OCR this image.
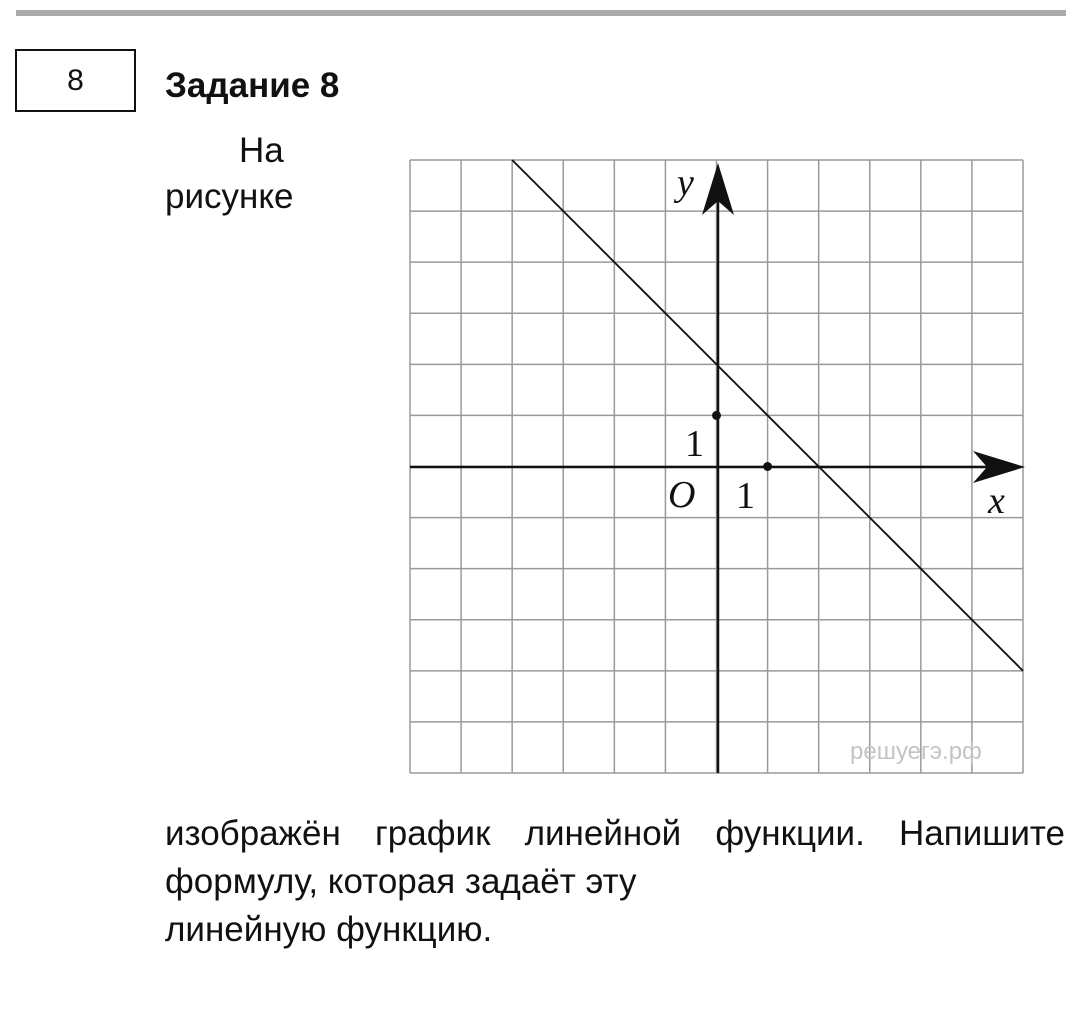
8 Задание 8

На
рисунке	y
x
O 1
1
решуегэ.рф

изображён график линейной функции. Напишите формулу, которая задаёт эту
линейную функцию.
